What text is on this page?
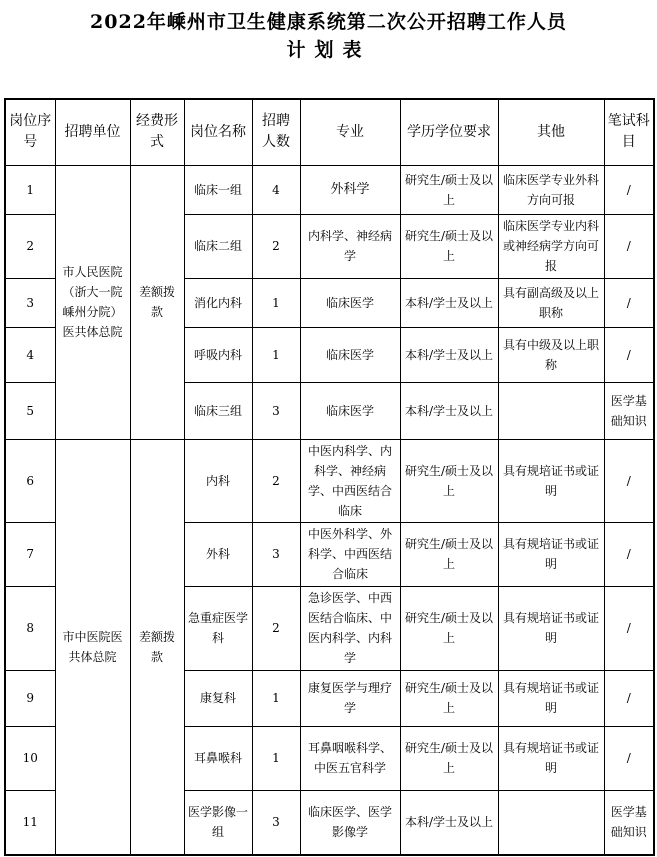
2022年嵊州市卫生健康系统第二次公开招聘工作人员
计划表
岗位序号	招聘单位	经费形式	岗位名称	招聘人数	专业	学历学位要求	其他	笔试科目
1	市人民医院（浙大一院嵊州分院）医共体总院	差额拨款	临床一组	4	外科学	研究生/硕士及以上	临床医学专业外科方向可报	/
2			临床二组	2	内科学、神经病学	研究生/硕士及以上	临床医学专业内科或神经病学方向可报	/
3			消化内科	1	临床医学	本科/学士及以上	具有副高级及以上职称	/
4			呼吸内科	1	临床医学	本科/学士及以上	具有中级及以上职称	/
5			临床三组	3	临床医学	本科/学士及以上		医学基础知识
6	市中医院医共体总院	差额拨款	内科	2	中医内科学、内科学、神经病学、中西医结合临床	研究生/硕士及以上	具有规培证书或证明	/
7			外科	3	中医外科学、外科学、中西医结合临床	研究生/硕士及以上	具有规培证书或证明	/
8			急重症医学科	2	急诊医学、中西医结合临床、中医内科学、内科学	研究生/硕士及以上	具有规培证书或证明	/
9			康复科	1	康复医学与理疗学	研究生/硕士及以上	具有规培证书或证明	/
10			耳鼻喉科	1	耳鼻咽喉科学、中医五官科学	研究生/硕士及以上	具有规培证书或证明	/
11			医学影像一组	3	临床医学、医学影像学	本科/学士及以上		医学基础知识
